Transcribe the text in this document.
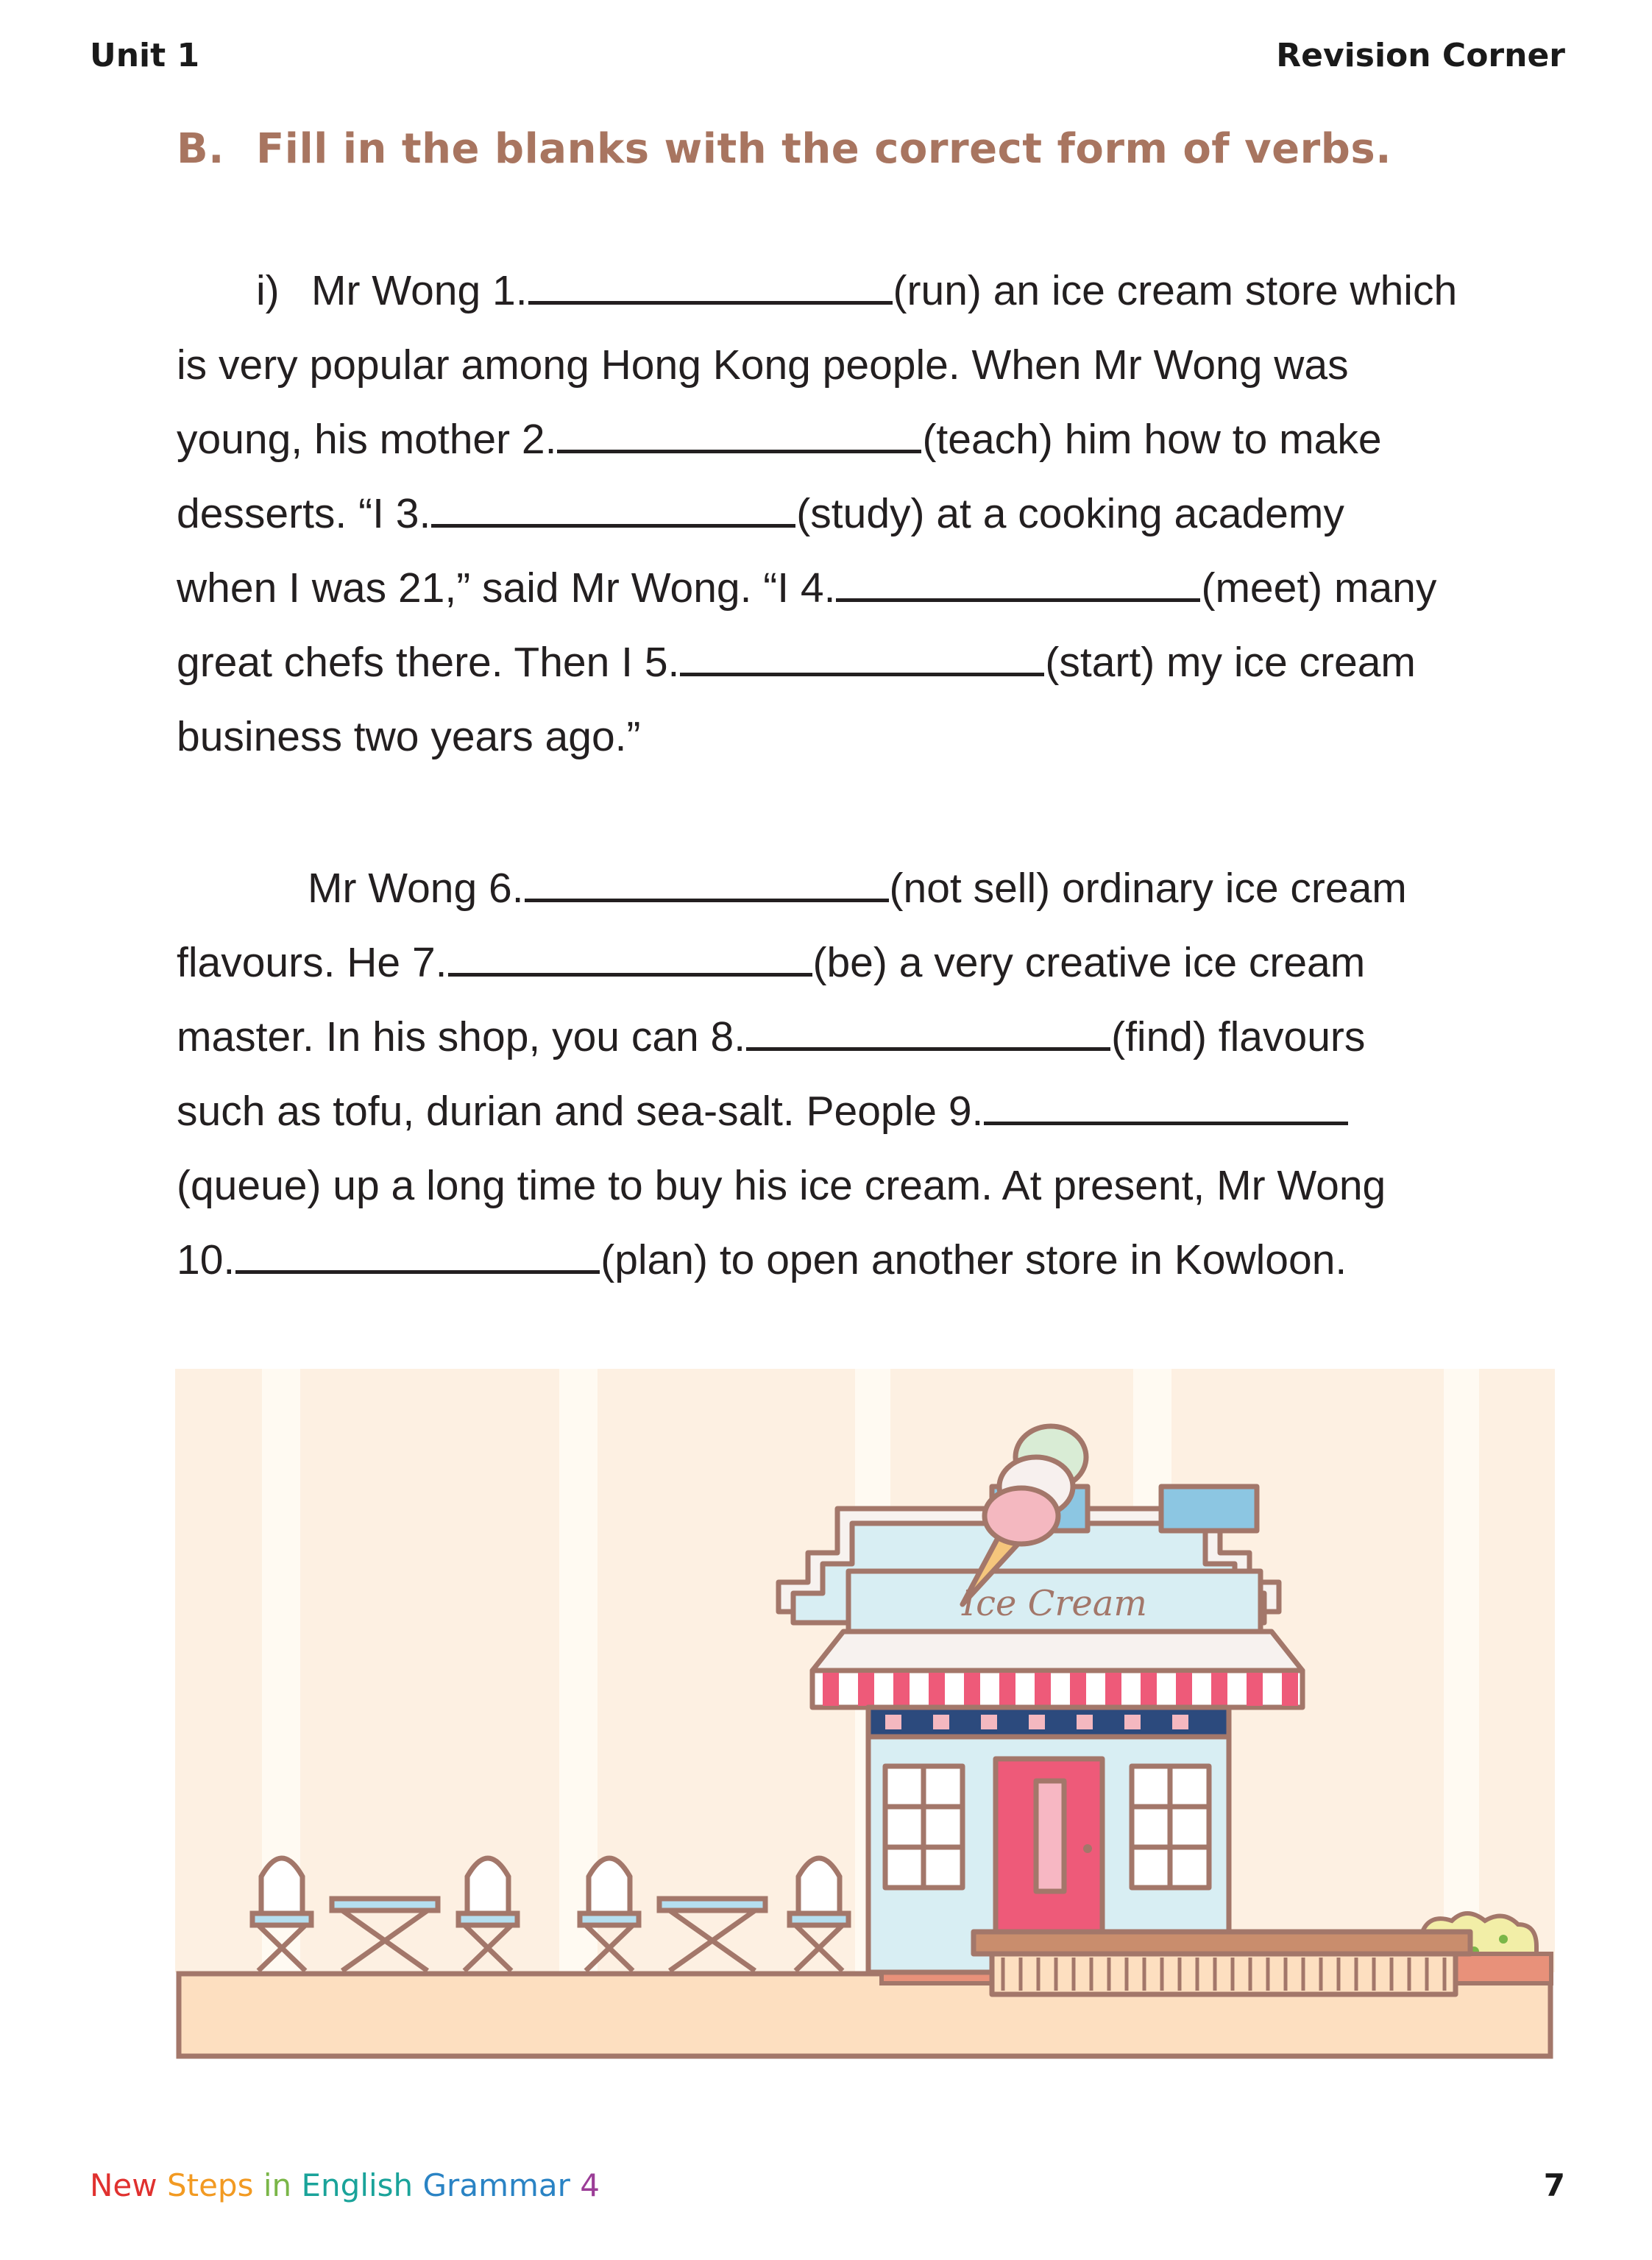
Unit 1	Revision Corner
B. Fill in the blanks with the correct form of verbs.
i) Mr Wong 1.	(run) an ice cream store which
is very popular among Hong Kong people. When Mr Wong was
young, his mother 2.	(teach) him how to make
desserts. “I 3.	(study) at a cooking academy
when I was 21,” said Mr Wong. “I 4.	(meet) many
great chefs there. Then I 5.	(start) my ice cream
business two years ago.”
Mr Wong 6.	(not sell) ordinary ice cream
flavours. He 7.	(be) a very creative ice cream
master. In his shop, you can 8.	(find) flavours
such as tofu, durian and sea-salt. People 9.
(queue) up a long time to buy his ice cream. At present, Mr Wong
10.	(plan) to open another store in Kowloon.
Ice Cream
New Steps in English Grammar 4	7
